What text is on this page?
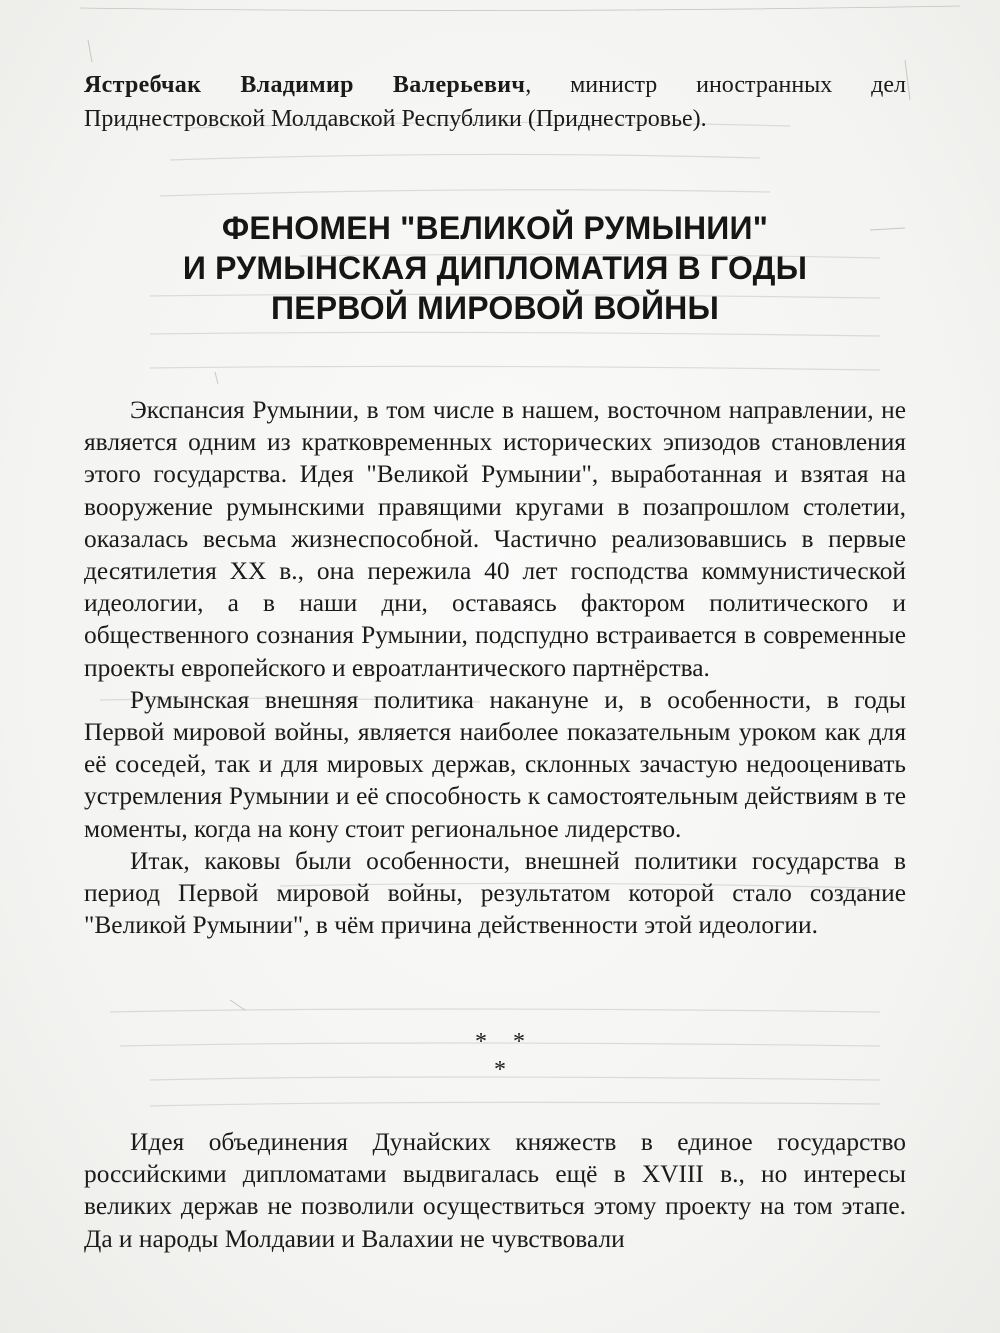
Ястребчак Владимир Валерьевич, министр иностранных дел Приднестровской Молдавской Республики (Приднестровье).
ФЕНОМЕН "ВЕЛИКОЙ РУМЫНИИ"
И РУМЫНСКАЯ ДИПЛОМАТИЯ В ГОДЫ
ПЕРВОЙ МИРОВОЙ ВОЙНЫ

Экспансия Румынии, в том числе в нашем, восточном направлении, не является одним из кратковременных исторических эпизодов становления этого государства. Идея "Великой Румынии", выработанная и взятая на вооружение румынскими правящими кругами в позапрошлом столетии, оказалась весьма жизнеспособной. Частично реализовавшись в первые десятилетия XX в., она пережила 40 лет господства коммунистической идеологии, а в наши дни, оставаясь фактором политического и общественного сознания Румынии, подспудно встраивается в современные проекты европейского и евроатлантического партнёрства.

Румынская внешняя политика накануне и, в особенности, в годы Первой мировой войны, является наиболее показательным уроком как для её соседей, так и для мировых держав, склонных зачастую недооценивать устремления Румынии и её способность к самостоятельным действиям в те моменты, когда на кону стоит региональное лидерство.

Итак, каковы были особенности, внешней политики государства в период Первой мировой войны, результатом которой стало создание "Великой Румынии", в чём причина действенности этой идеологии.

**
*

Идея объединения Дунайских княжеств в единое государство российскими дипломатами выдвигалась ещё в XVIII в., но интересы великих держав не позволили осуществиться этому проекту на том этапе. Да и народы Молдавии и Валахии не чувствовали
